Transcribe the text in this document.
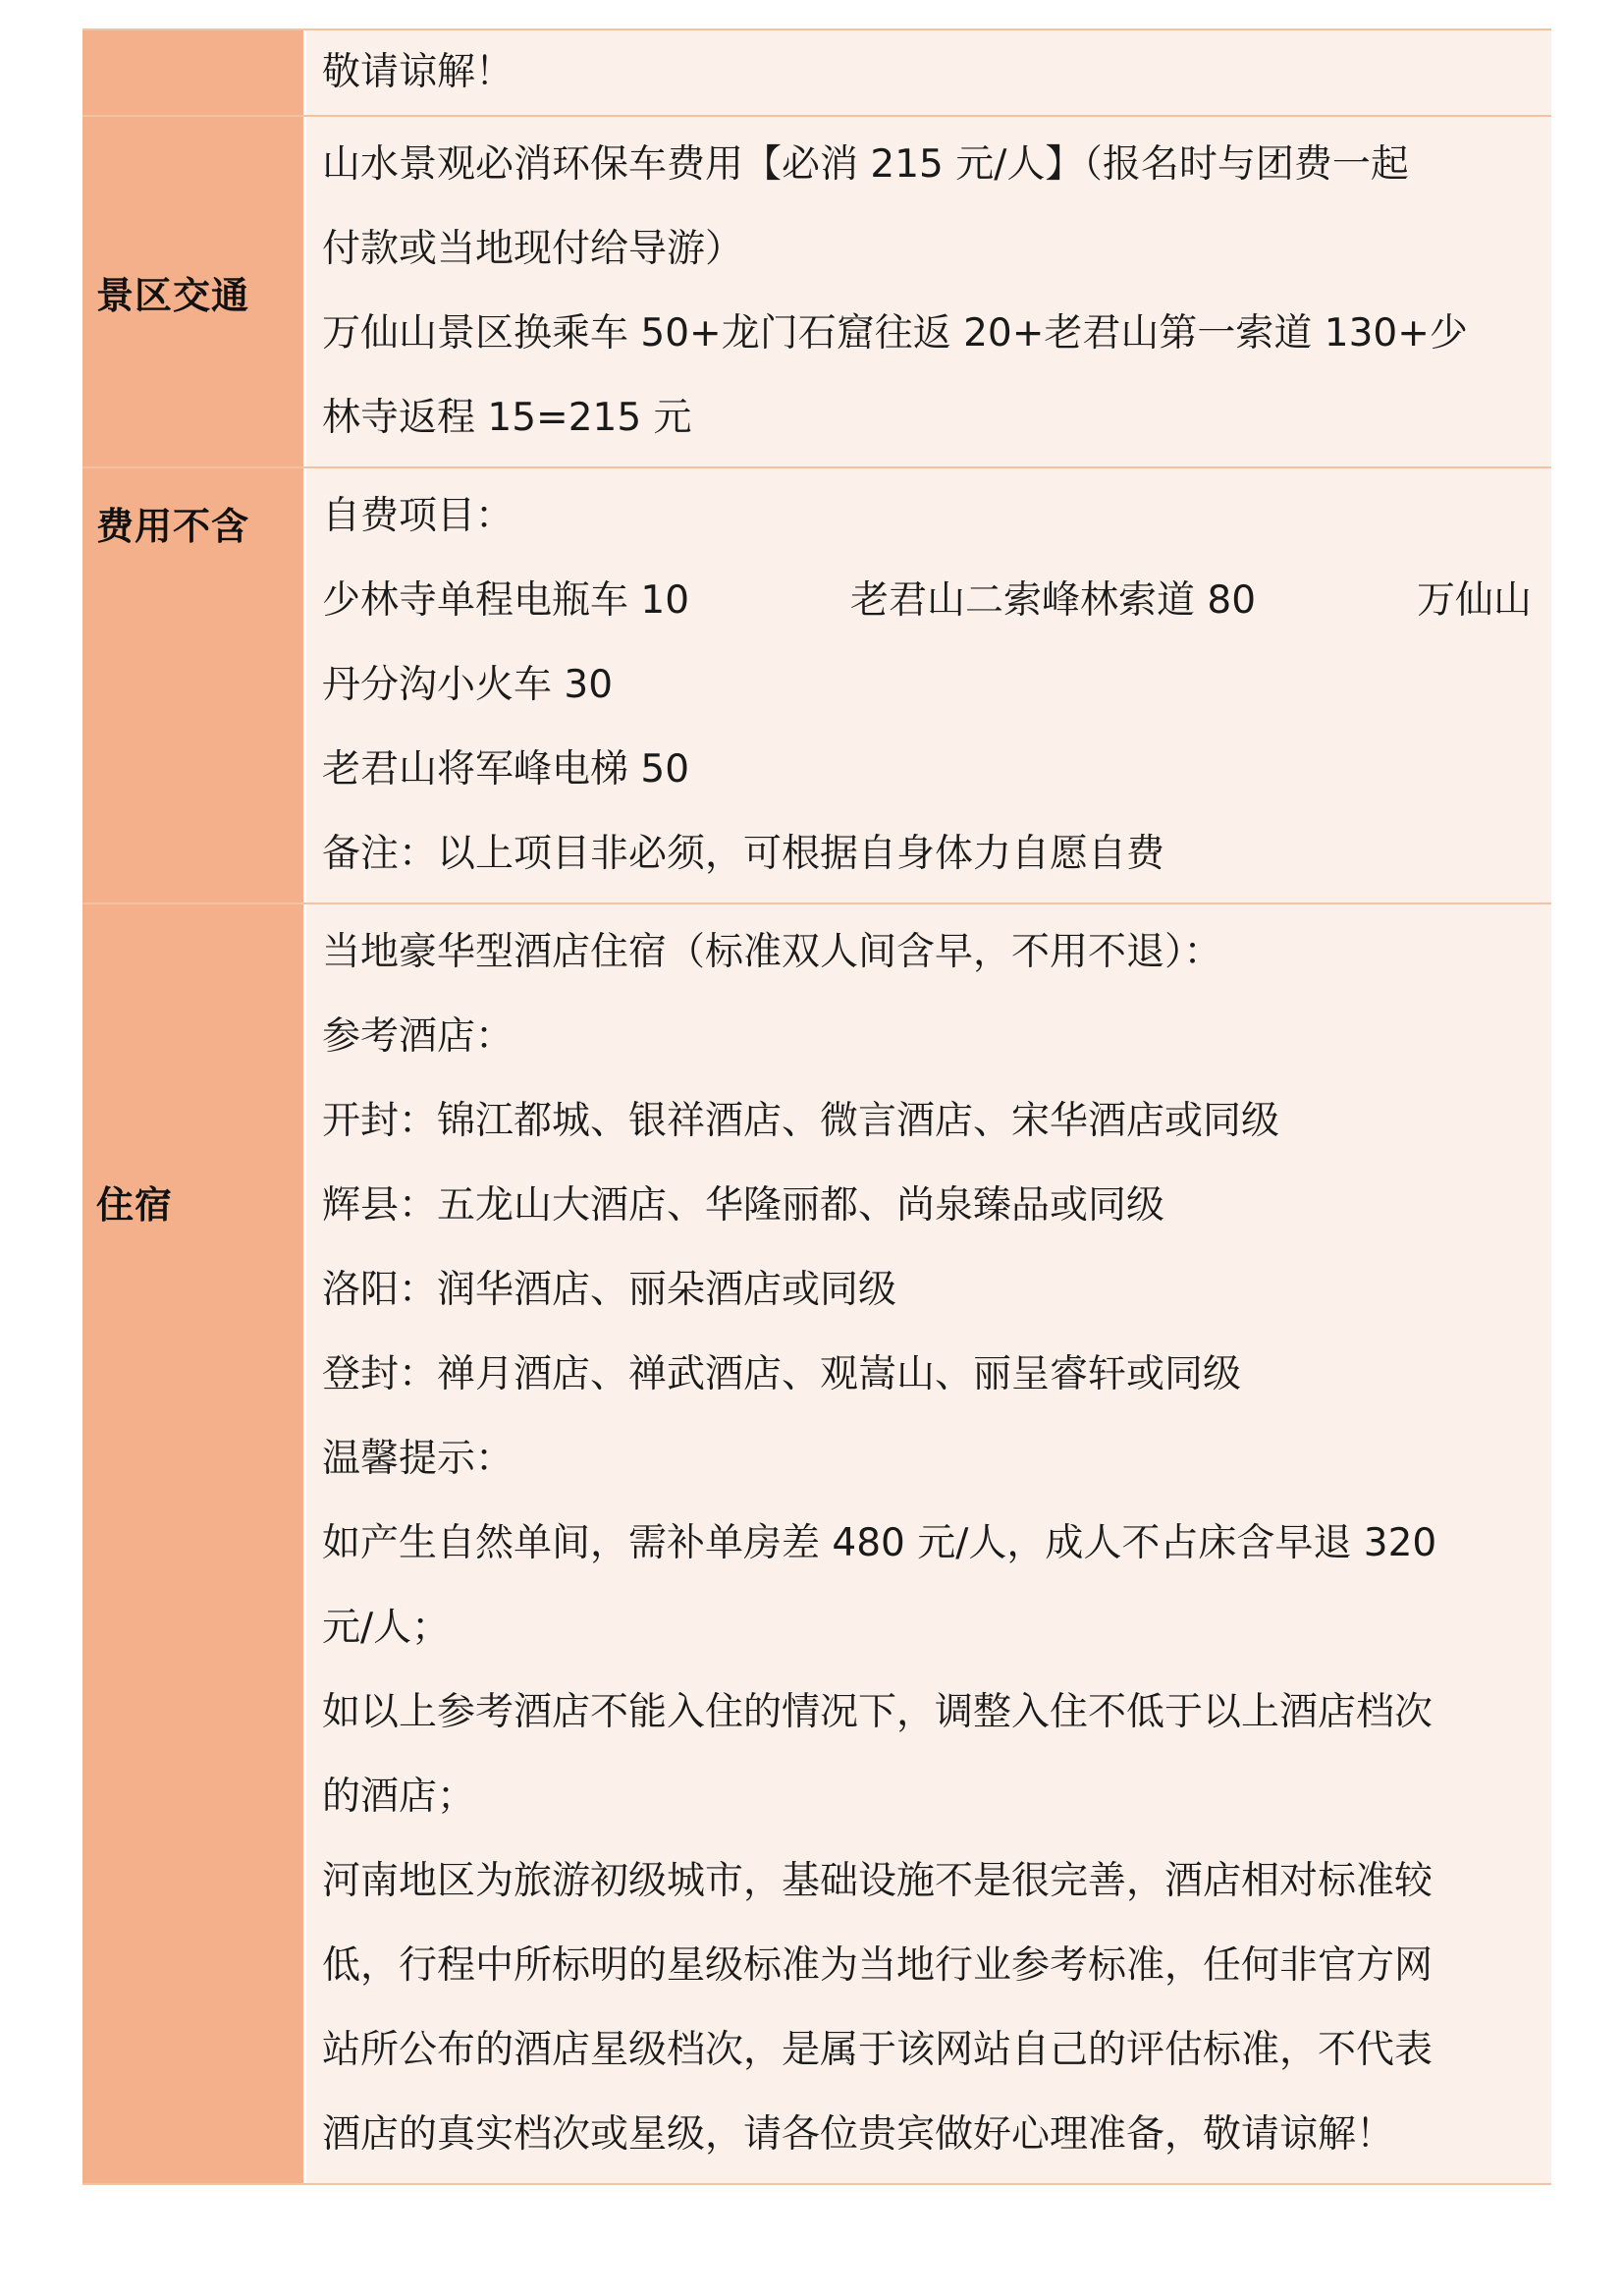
敬请谅解！
景区交通
山水景观必消环保车费用【必消 215 元/人】（报名时与团费一起
付款或当地现付给导游）
万仙山景区换乘车 50+龙门石窟往返 20+老君山第一索道 130+少
林寺返程 15=215 元
费用不含 自费项目：
少林寺单程电瓶车 10	老君山二索峰林索道 80	万仙山
丹分沟小火车 30
老君山将军峰电梯 50
备注：以上项目非必须，可根据自身体力自愿自费
住宿
当地豪华型酒店住宿（标准双人间含早，不用不退）：
参考酒店：
开封：锦江都城、银祥酒店、微言酒店、宋华酒店或同级
辉县：五龙山大酒店、华隆丽都、尚泉臻品或同级
洛阳：润华酒店、丽朵酒店或同级
登封：禅月酒店、禅武酒店、观嵩山、丽呈睿轩或同级
温馨提示：
如产生自然单间，需补单房差 480 元/人，成人不占床含早退 320
元/人；
如以上参考酒店不能入住的情况下，调整入住不低于以上酒店档次
的酒店；
河南地区为旅游初级城市，基础设施不是很完善，酒店相对标准较
低，行程中所标明的星级标准为当地行业参考标准，任何非官方网
站所公布的酒店星级档次，是属于该网站自己的评估标准，不代表
酒店的真实档次或星级，请各位贵宾做好心理准备，敬请谅解！
